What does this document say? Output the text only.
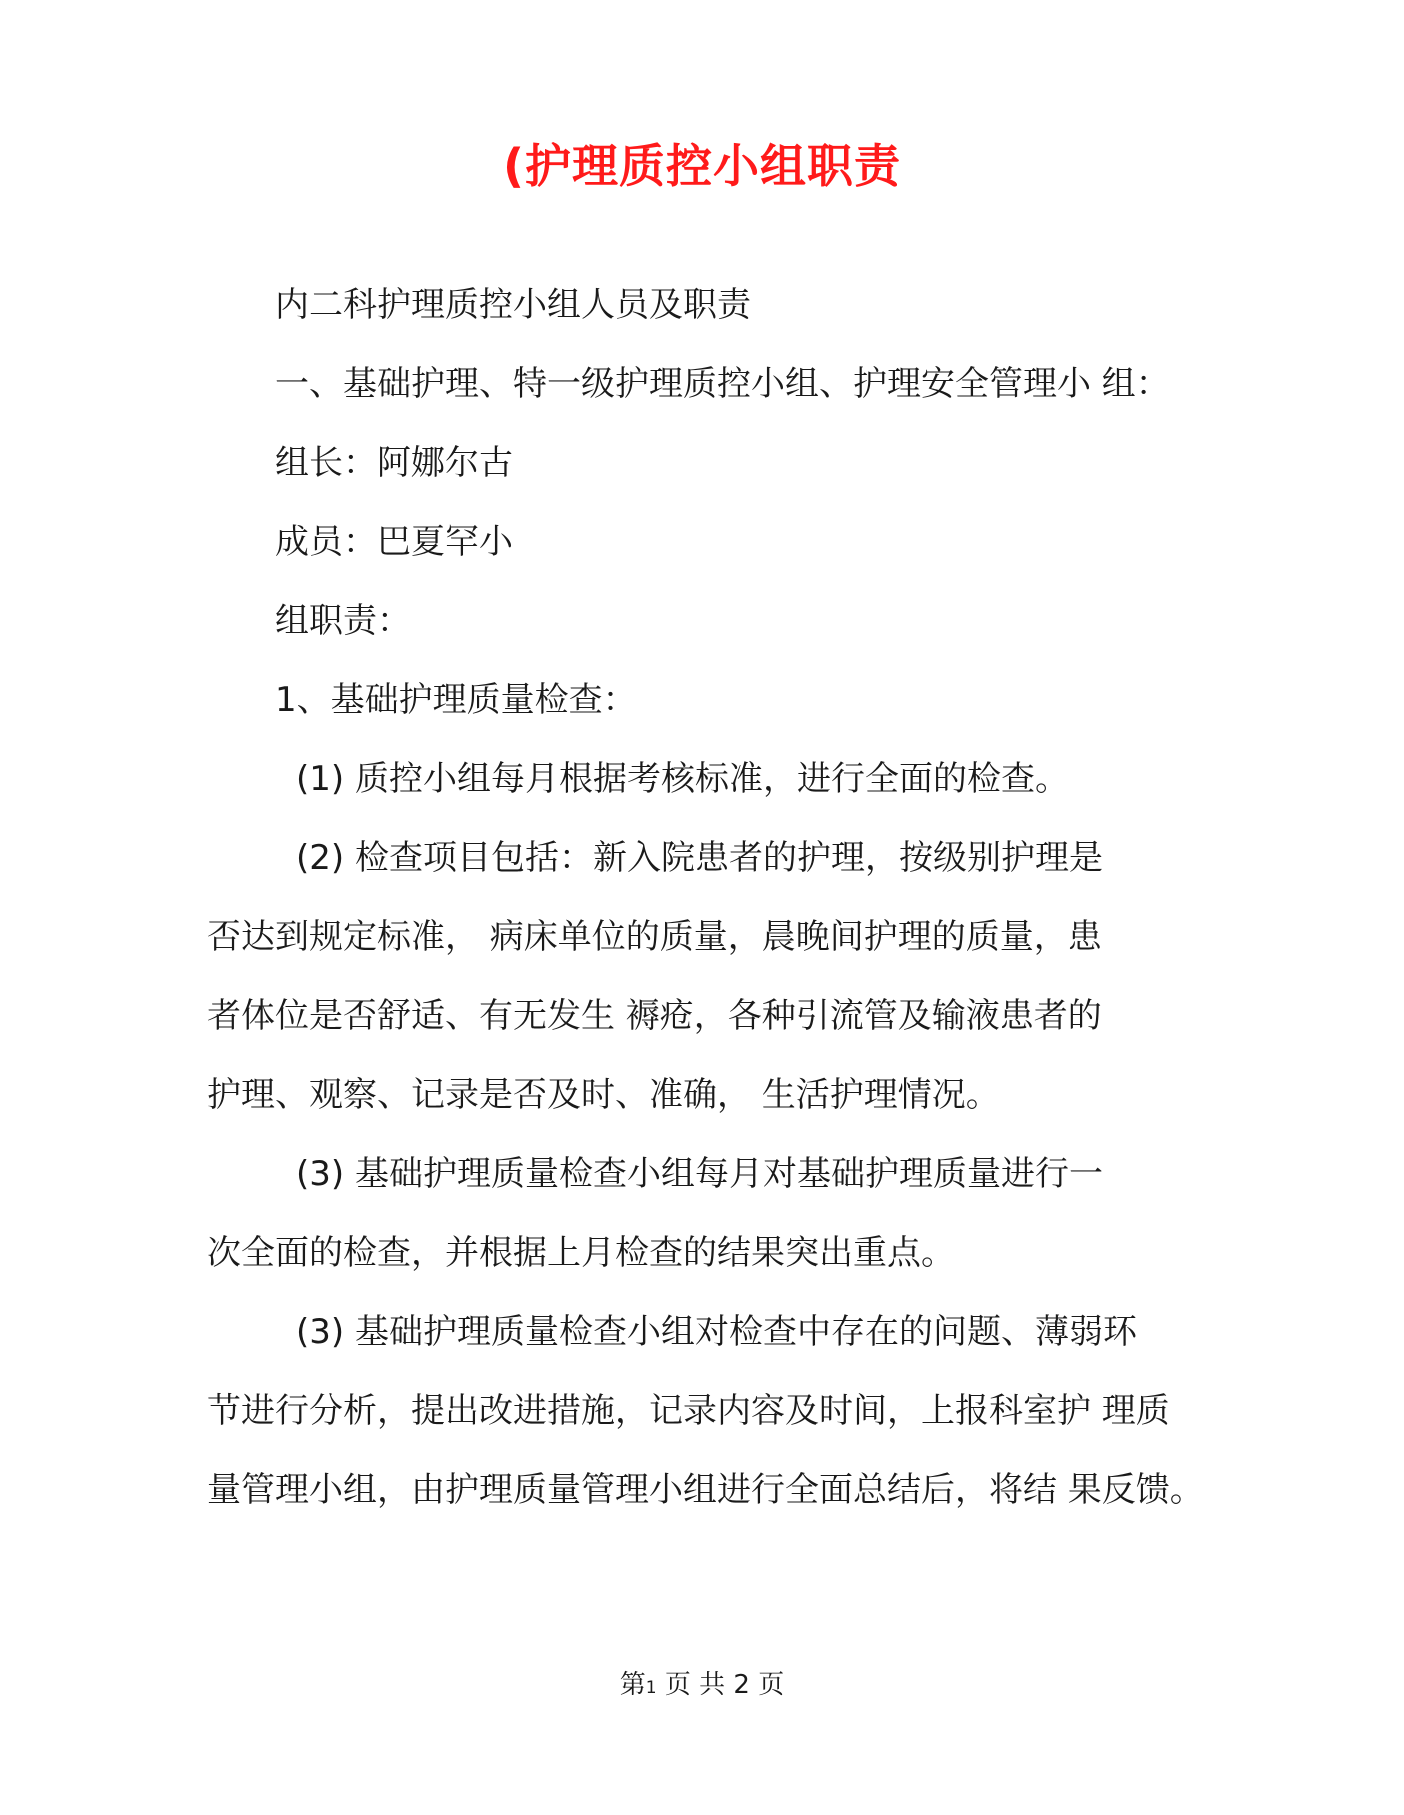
(护理质控小组职责
内二科护理质控小组人员及职责
一、基础护理、特一级护理质控小组、护理安全管理小 组：
组长：阿娜尔古
成员：巴夏罕小
组职责：
1、基础护理质量检查：
(1) 质控小组每月根据考核标准，进行全面的检查。
(2) 检查项目包括：新入院患者的护理，按级别护理是
否达到规定标准， 病床单位的质量，晨晚间护理的质量，患
者体位是否舒适、有无发生 褥疮，各种引流管及输液患者的
护理、观察、记录是否及时、准确， 生活护理情况。
(3) 基础护理质量检查小组每月对基础护理质量进行一
次全面的检查，并根据上月检查的结果突出重点。
(3) 基础护理质量检查小组对检查中存在的问题、薄弱环
节进行分析，提出改进措施，记录内容及时间，上报科室护 理质
量管理小组，由护理质量管理小组进行全面总结后，将结 果反馈。
第1 页 共 2 页
